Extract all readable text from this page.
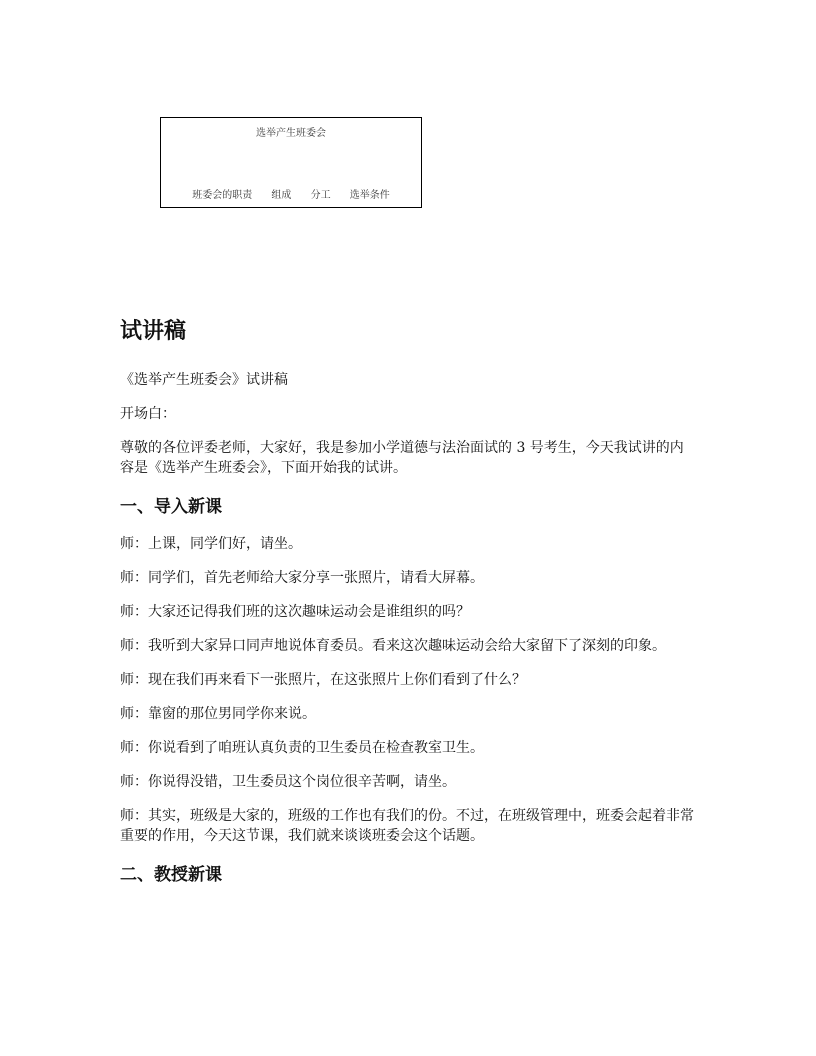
选举产生班委会
班委会的职责 组成 分工 选举条件
试讲稿

《选举产生班委会》试讲稿

开场白：

尊敬的各位评委老师，大家好，我是参加小学道德与法治面试的 3 号考生，今天我试讲的内容是《选举产生班委会》，下面开始我的试讲。

一、导入新课

师：上课，同学们好，请坐。

师：同学们，首先老师给大家分享一张照片，请看大屏幕。

师：大家还记得我们班的这次趣味运动会是谁组织的吗？

师：我听到大家异口同声地说体育委员。看来这次趣味运动会给大家留下了深刻的印象。

师：现在我们再来看下一张照片，在这张照片上你们看到了什么？

师：靠窗的那位男同学你来说。

师：你说看到了咱班认真负责的卫生委员在检查教室卫生。

师：你说得没错，卫生委员这个岗位很辛苦啊，请坐。

师：其实，班级是大家的，班级的工作也有我们的份。不过，在班级管理中，班委会起着非常重要的作用，今天这节课，我们就来谈谈班委会这个话题。

二、教授新课
